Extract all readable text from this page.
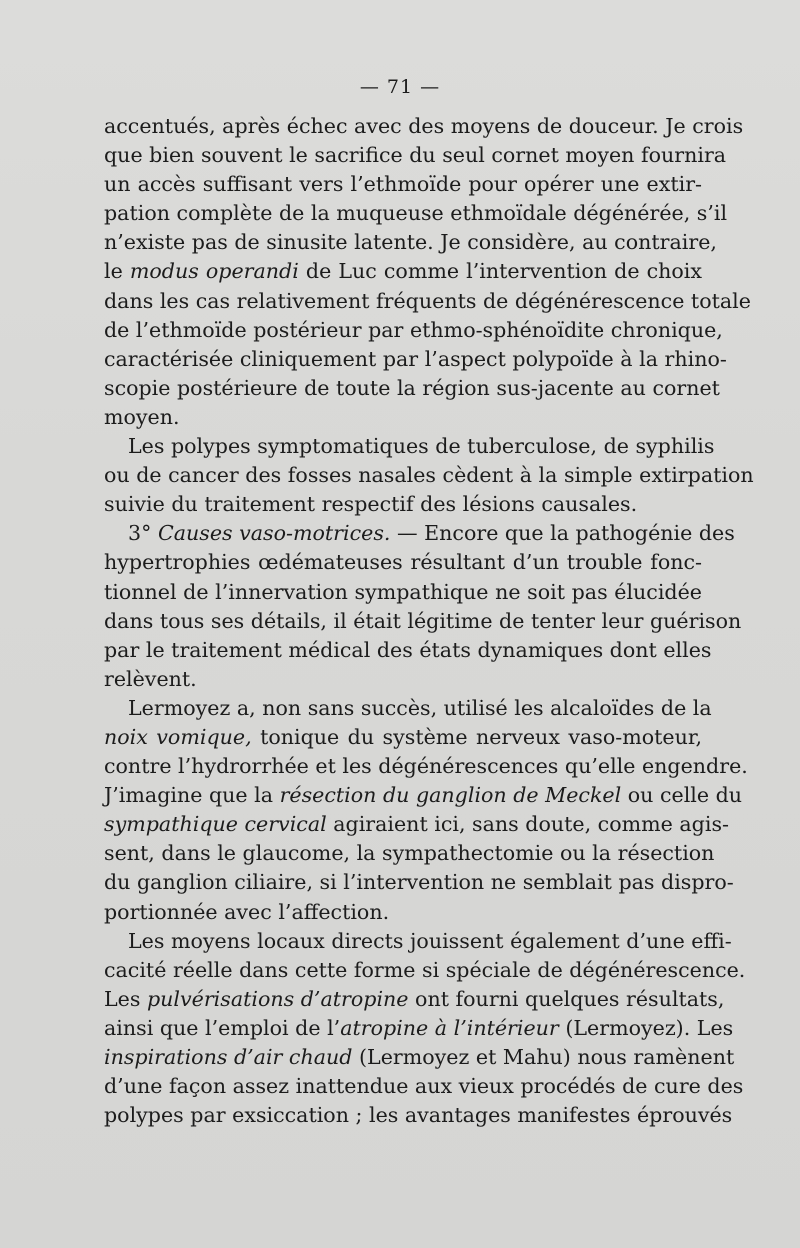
— 71 —
accentués, après échec avec des moyens de douceur. Je crois
que bien souvent le sacrifice du seul cornet moyen fournira
un accès suffisant vers l’ethmoïde pour opérer une extir-
pation complète de la muqueuse ethmoïdale dégénérée, s’il
n’existe pas de sinusite latente. Je considère, au contraire,
le modus operandi de Luc comme l’intervention de choix
dans les cas relativement fréquents de dégénérescence totale
de l’ethmoïde postérieur par ethmo-sphénoïdite chronique,
caractérisée cliniquement par l’aspect polypoïde à la rhino-
scopie postérieure de toute la région sus-jacente au cornet
moyen.
Les polypes symptomatiques de tuberculose, de syphilis
ou de cancer des fosses nasales cèdent à la simple extirpation
suivie du traitement respectif des lésions causales.
3° Causes vaso-motrices. — Encore que la pathogénie des
hypertrophies œdémateuses résultant d’un trouble fonc-
tionnel de l’innervation sympathique ne soit pas élucidée
dans tous ses détails, il était légitime de tenter leur guérison
par le traitement médical des états dynamiques dont elles
relèvent.
Lermoyez a, non sans succès, utilisé les alcaloïdes de la
noix vomique, tonique du système nerveux vaso-moteur,
contre l’hydrorrhée et les dégénérescences qu’elle engendre.
J’imagine que la résection du ganglion de Meckel ou celle du
sympathique cervical agiraient ici, sans doute, comme agis-
sent, dans le glaucome, la sympathectomie ou la résection
du ganglion ciliaire, si l’intervention ne semblait pas dispro-
portionnée avec l’affection.
Les moyens locaux directs jouissent également d’une effi-
cacité réelle dans cette forme si spéciale de dégénérescence.
Les pulvérisations d’atropine ont fourni quelques résultats,
ainsi que l’emploi de l’atropine à l’intérieur (Lermoyez). Les
inspirations d’air chaud (Lermoyez et Mahu) nous ramènent
d’une façon assez inattendue aux vieux procédés de cure des
polypes par exsiccation ; les avantages manifestes éprouvés
